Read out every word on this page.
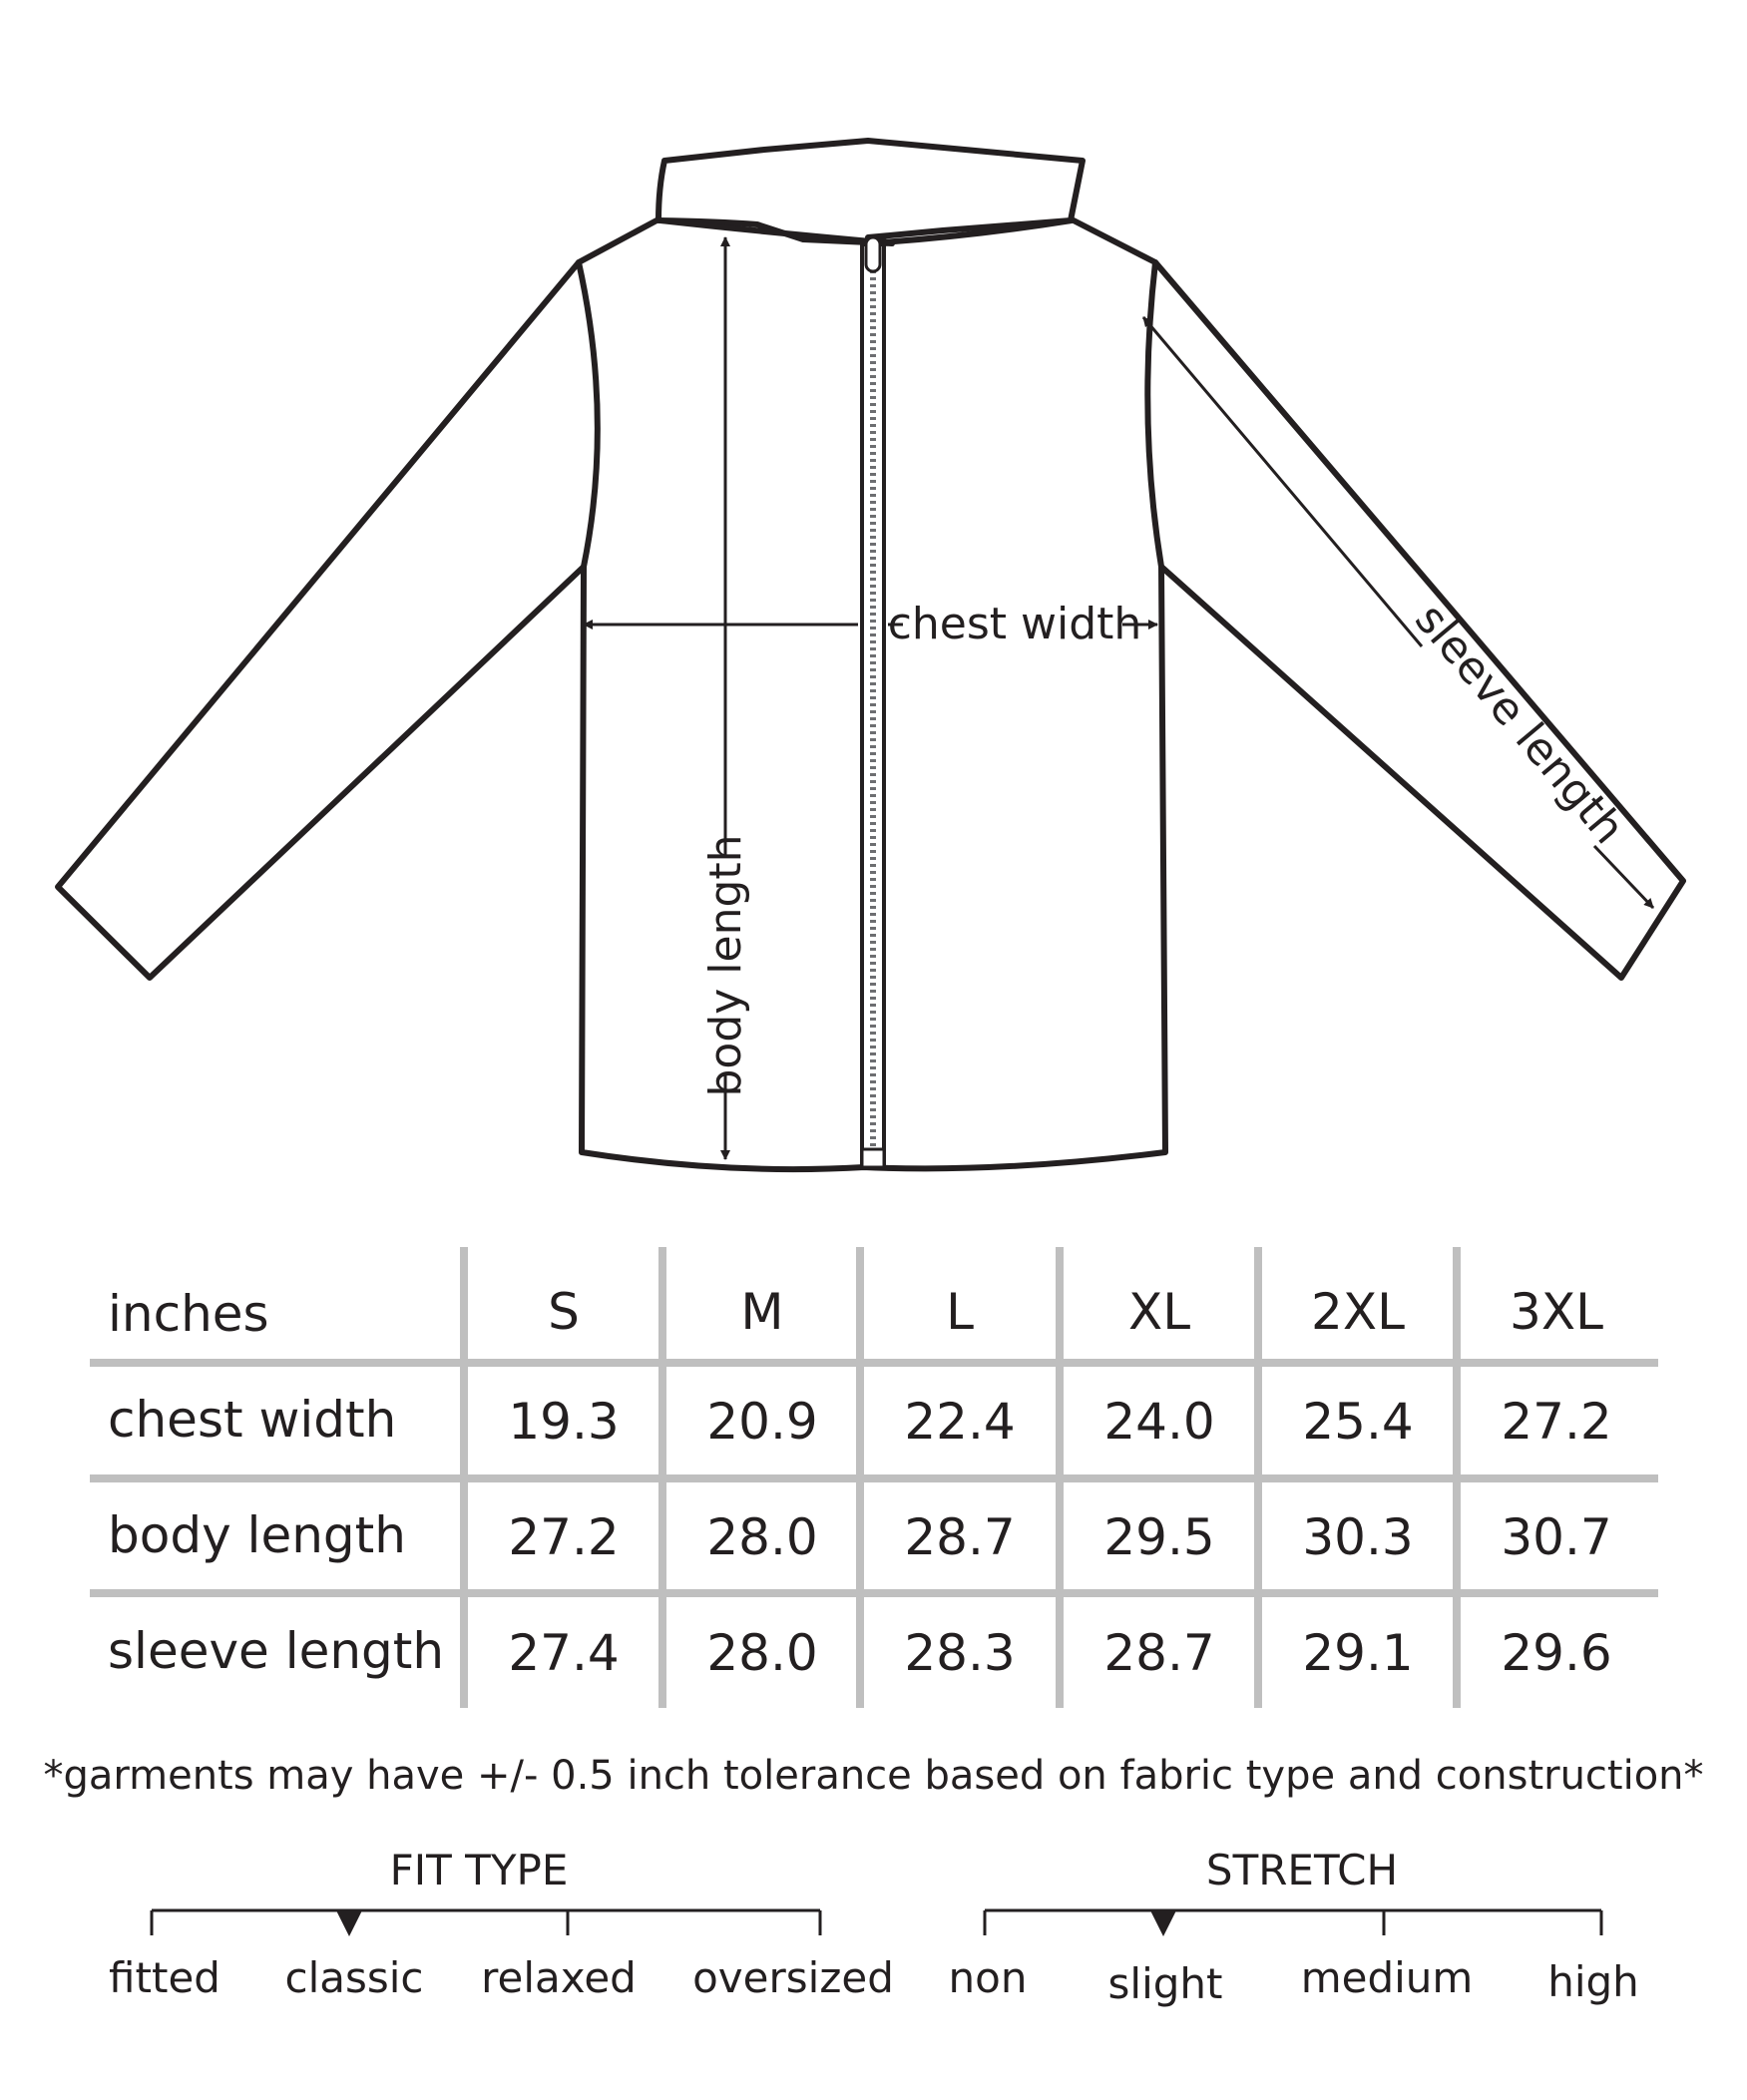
chest width
body length
sleeve length
inches	S	M	L	XL	2XL	3XL
chest width	19.3	20.9	22.4	24.0	25.4	27.2
body length	27.2	28.0	28.7	29.5	30.3	30.7
sleeve length	27.4	28.0	28.3	28.7	29.1	29.6
*garments may have +/- 0.5 inch tolerance based on fabric type and construction*
FIT TYPE
fitted	classic	relaxed	oversized
STRETCH
non	slight	medium	high
